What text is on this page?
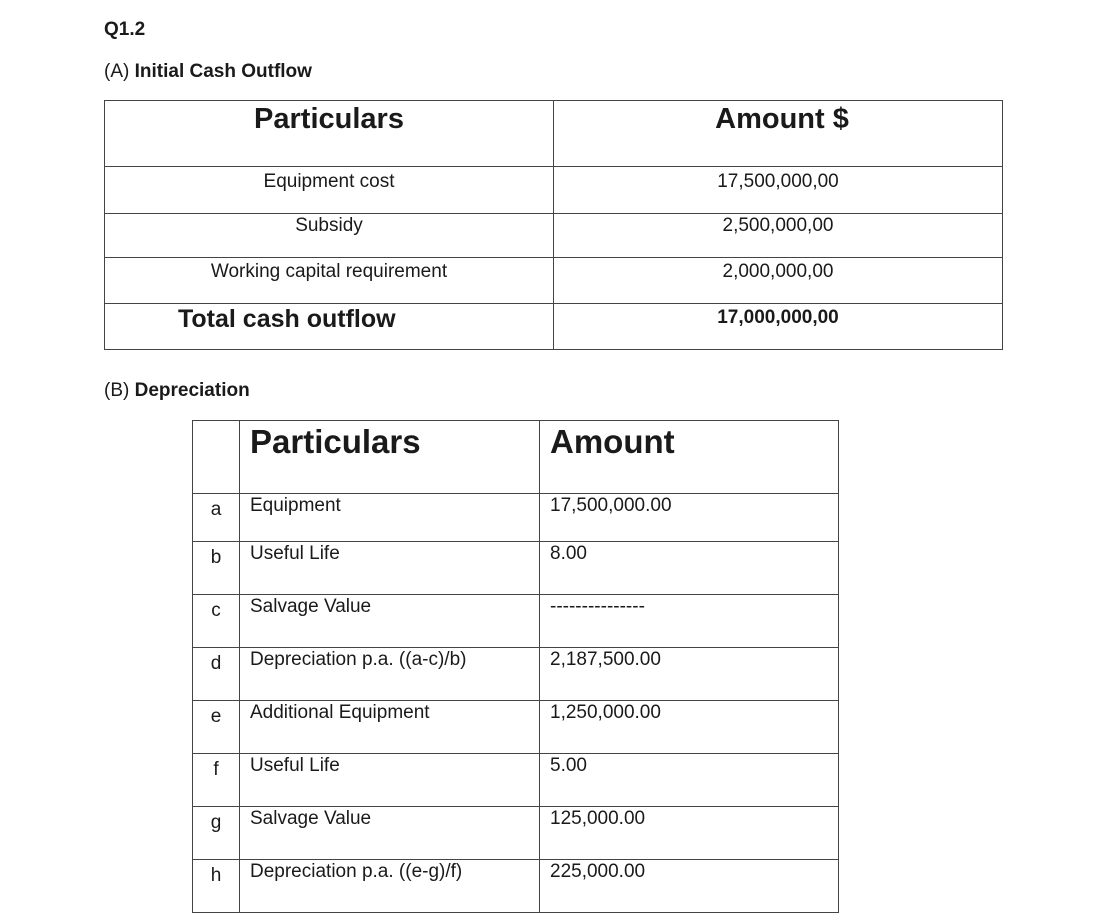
Q1.2
(A) Initial Cash Outflow
Particulars	Amount $
Equipment cost	17,500,000,00
Subsidy	2,500,000,00
Working capital requirement	2,000,000,00
Total cash outflow	17,000,000,00
(B) Depreciation
	Particulars	Amount
a	Equipment	17,500,000.00
b	Useful Life	8.00
c	Salvage Value	---------------
d	Depreciation p.a. ((a-c)/b)	2,187,500.00
e	Additional Equipment	1,250,000.00
f	Useful Life	5.00
g	Salvage Value	125,000.00
h	Depreciation p.a. ((e-g)/f)	225,000.00
